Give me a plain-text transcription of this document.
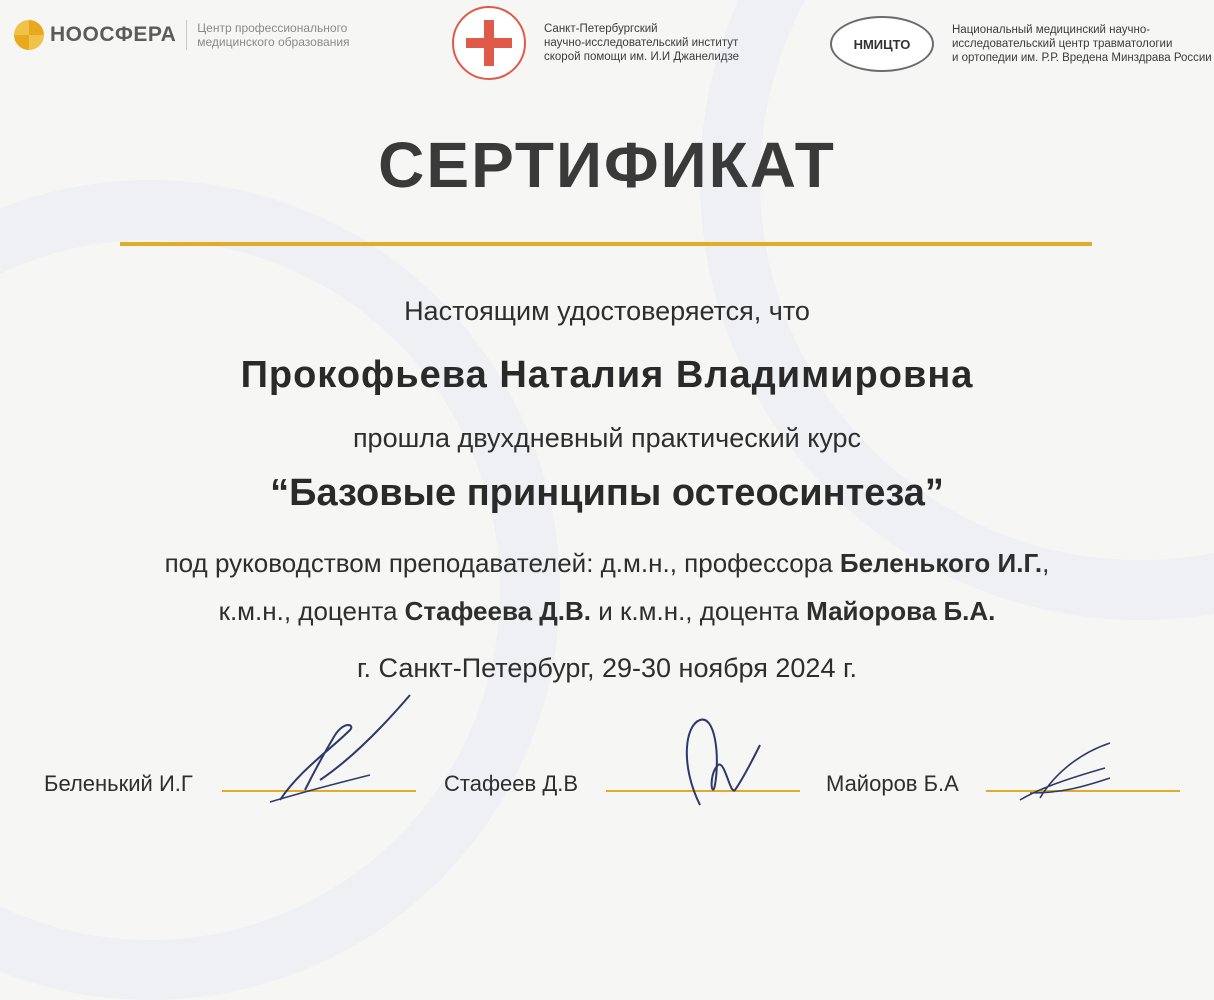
НООСФЕРА Центр профессионального
медицинского образования
Санкт-Петербургский
научно-исследовательский институт
скорой помощи им. И.И Джанелидзе
НМИЦТО
Национальный медицинский научно-
исследовательский центр травматологии
и ортопедии им. Р.Р. Вредена Минздрава России
СЕРТИФИКАТ
Настоящим удостоверяется, что
Прокофьева Наталия Владимировна
прошла двухдневный практический курс
“Базовые принципы остеосинтеза”
под руководством преподавателей: д.м.н., профессора Беленького И.Г.,
к.м.н., доцента Стафеева Д.В. и к.м.н., доцента Майорова Б.А.
г. Санкт-Петербург, 29-30 ноября 2024 г.
Беленький И.Г	Стафеев Д.В	Майоров Б.А
